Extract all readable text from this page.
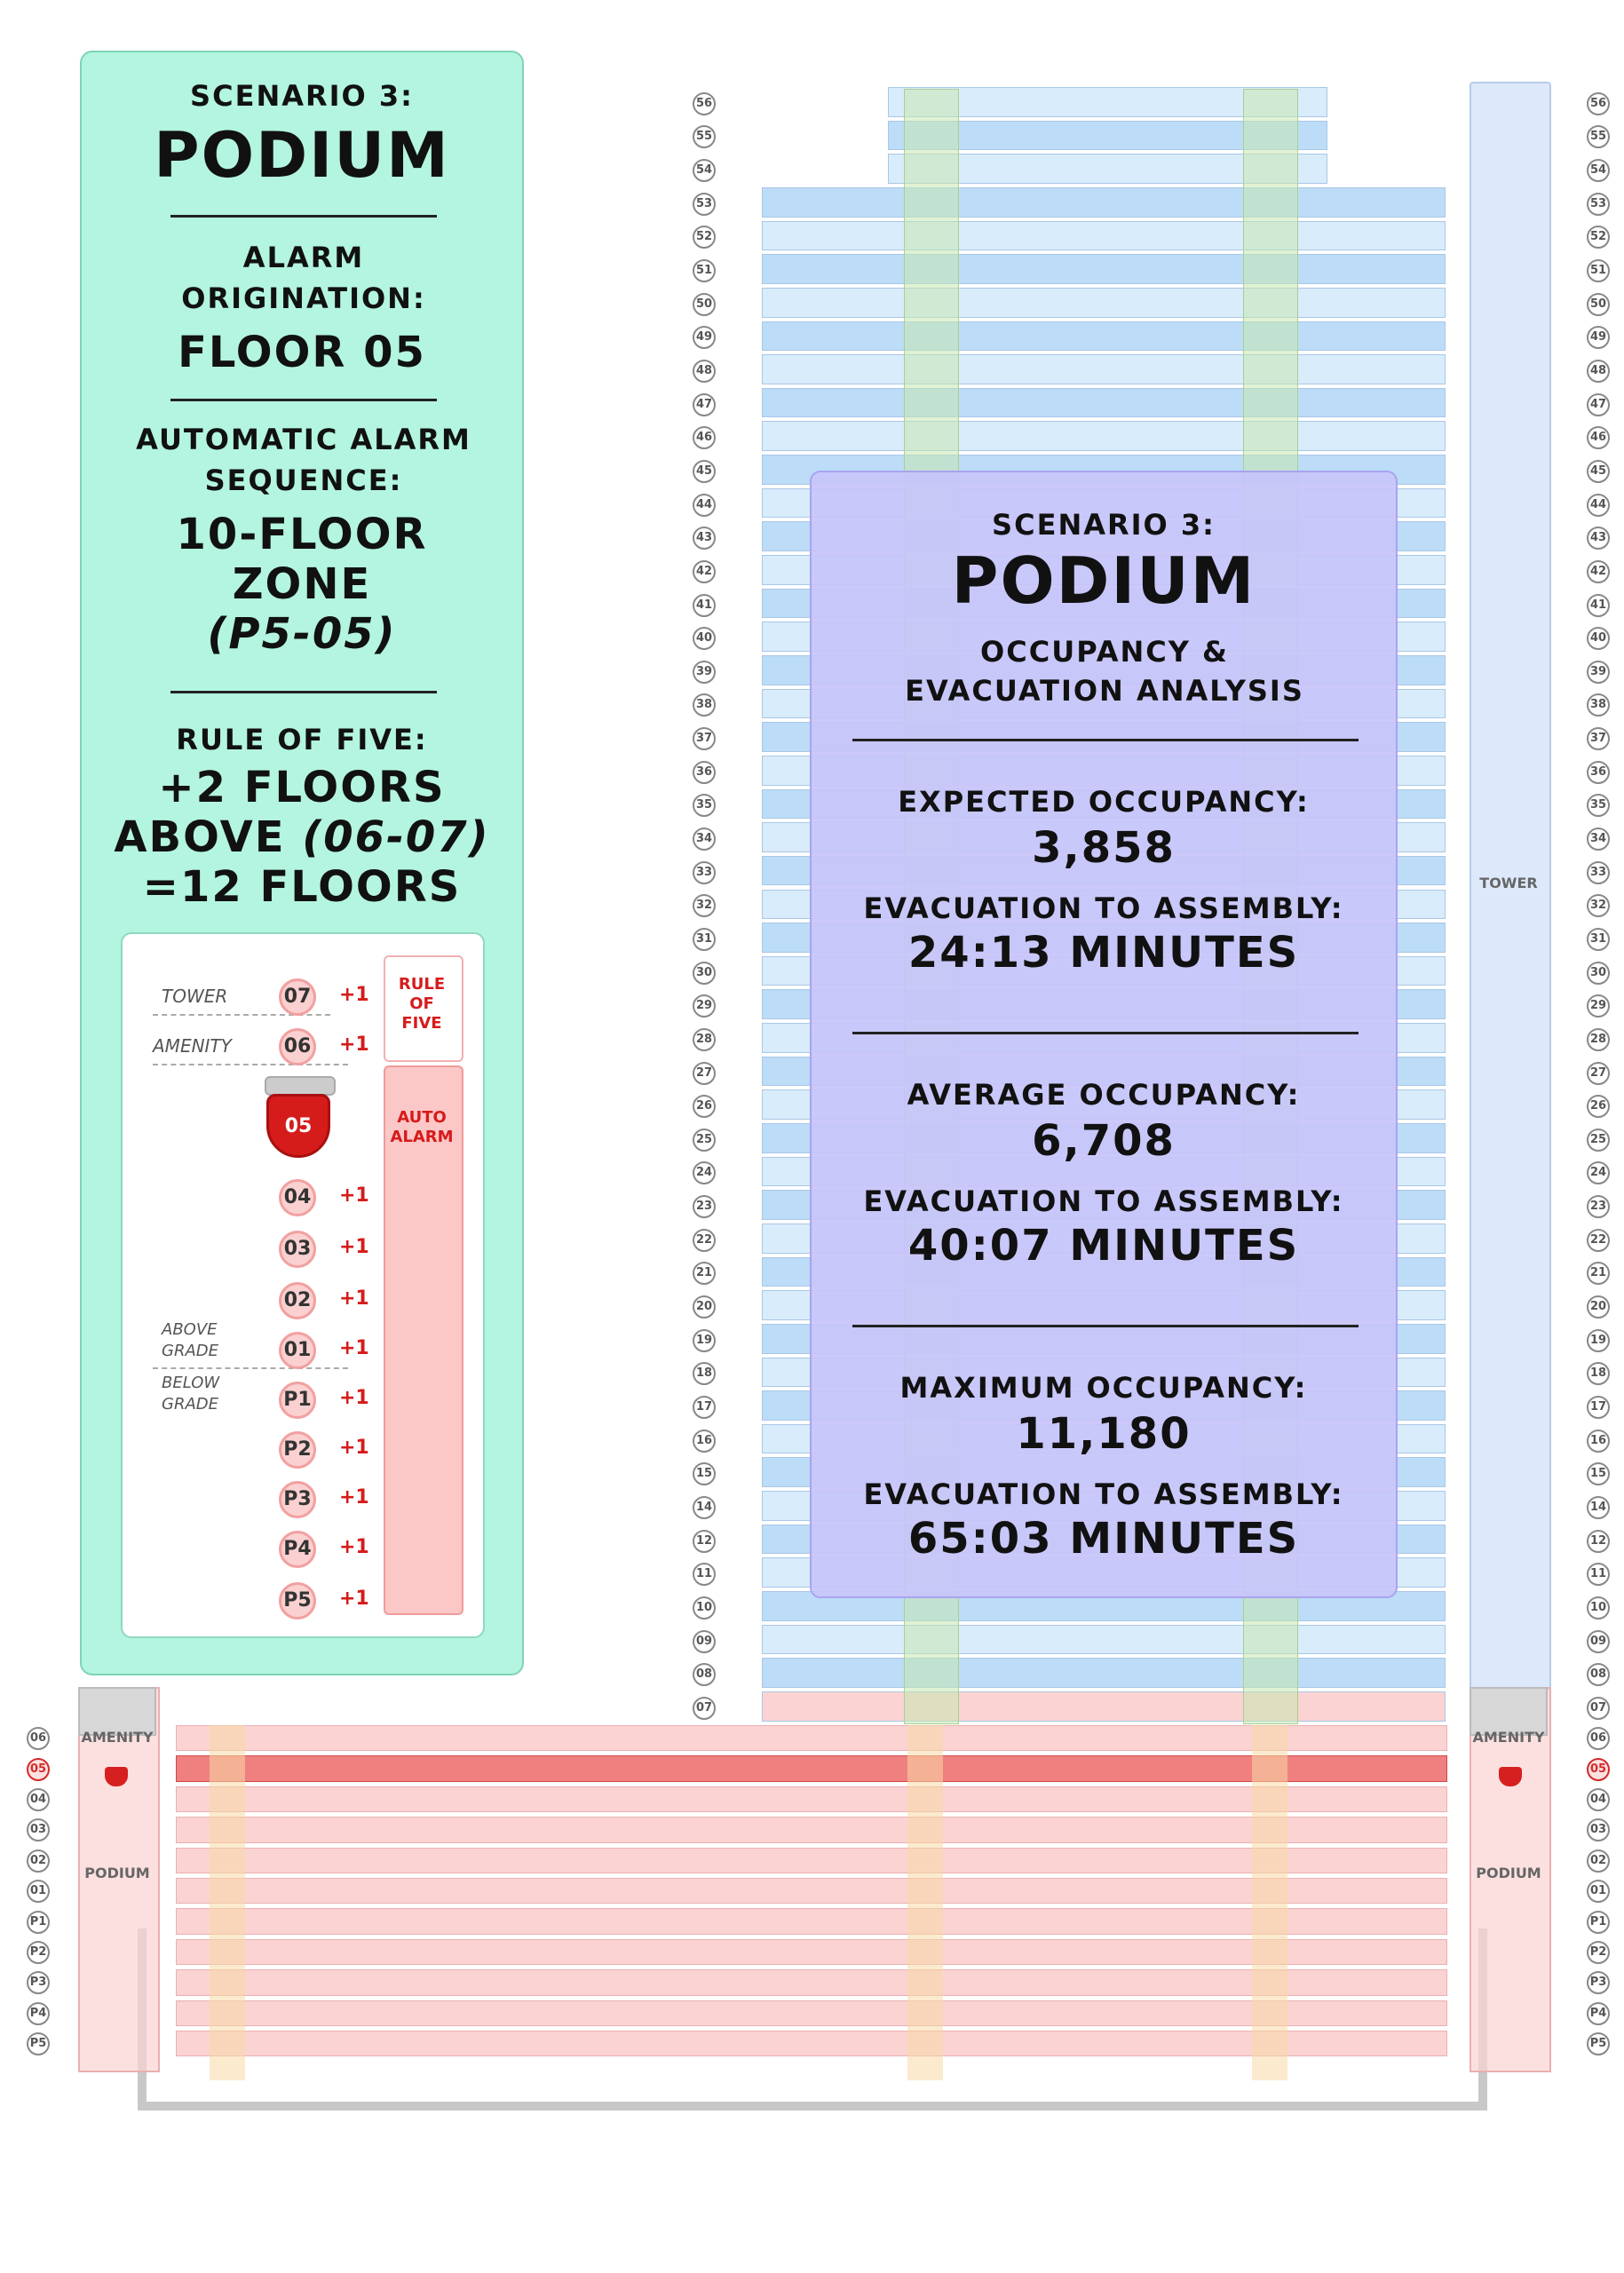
TOWER
AMENITY
PODIUM
AMENITY
PODIUM
56	56
55	55
54	54
53	53
52	52
51	51
50	50
49	49
48	48
47	47
46	46
45	45
44	44
43	43
42	42
41	41
40	40
39	39
38	38
37	37
36	36
35	35
34	34
33	33
32	32
31	31
30	30
29	29
28	28
27	27
26	26
25	25
24	24
23	23
22	22
21	21
20	20
19	19
18	18
17	17
16	16
15	15
14	14
12	12
11	11
10	10
09	09
08	08
07	07
06	06
05	05
04	04
03	03
02	02
01	01
P1	P1
P2	P2
P3	P3
P4	P4
P5	P5
SCENARIO 3:
PODIUM
ALARM ORIGINATION:
FLOOR 05
AUTOMATIC ALARM SEQUENCE:
10-FLOOR
ZONE
(P5-05)
RULE OF FIVE:
+2 FLOORS
ABOVE (06-07)
=12 FLOORS
TOWER
AMENITY
ABOVE GRADE
BELOW GRADE
RULE OF FIVE
AUTO ALARM
07 +1
06 +1
05
04 +1
03 +1
02 +1
01 +1
P1 +1
P2 +1
P3 +1
P4 +1
P5 +1
SCENARIO 3:
PODIUM
OCCUPANCY & EVACUATION ANALYSIS
EXPECTED OCCUPANCY:
3,858
EVACUATION TO ASSEMBLY:
24:13 MINUTES
AVERAGE OCCUPANCY:
6,708
EVACUATION TO ASSEMBLY:
40:07 MINUTES
MAXIMUM OCCUPANCY:
11,180
EVACUATION TO ASSEMBLY:
65:03 MINUTES
